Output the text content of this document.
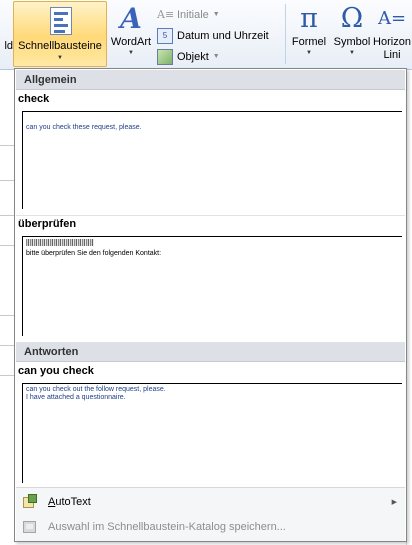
ld Schnellbausteine
▼
A
WordArt
▼
A≡ Initiale ▼
5 Datum und Uhrzeit
Objekt ▼
π
Formel
▼
Ω
Symbol
▼
A=
Horizon
Lini
Allgemein
check
can you check these request, please.
überprüfen
bitte überprüfen Sie den folgenden Kontakt:
Antworten
can you check
can you check out the follow request, please.
I have attached a questionnaire.
AutoText	▶
Auswahl im Schnellbaustein-Katalog speichern...
